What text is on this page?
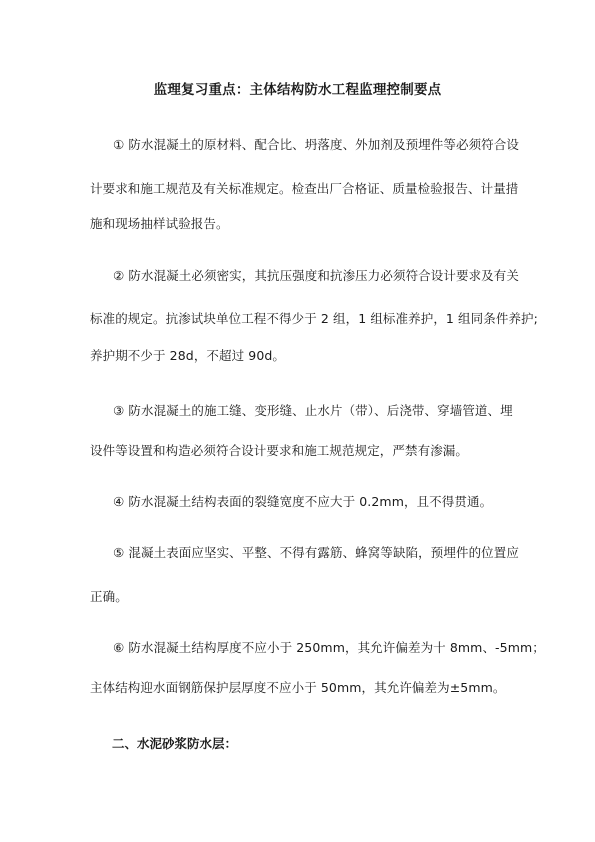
监理复习重点：主体结构防水工程监理控制要点
① 防水混凝土的原材料、配合比、坍落度、外加剂及预埋件等必须符合设
计要求和施工规范及有关标准规定。检查出厂合格证、质量检验报告、计量措
施和现场抽样试验报告。
② 防水混凝土必须密实，其抗压强度和抗渗压力必须符合设计要求及有关
标准的规定。抗渗试块单位工程不得少于 2 组，1 组标准养护，1 组同条件养护;
养护期不少于 28d，不超过 90d。
③ 防水混凝土的施工缝、变形缝、止水片（带）、后浇带、穿墙管道、埋
设件等设置和构造必须符合设计要求和施工规范规定，严禁有渗漏。
④ 防水混凝土结构表面的裂缝宽度不应大于 0.2mm，且不得贯通。
⑤ 混凝土表面应坚实、平整、不得有露筋、蜂窝等缺陷，预埋件的位置应
正确。
⑥ 防水混凝土结构厚度不应小于 250mm，其允许偏差为十 8mm、-5mm；
主体结构迎水面钢筋保护层厚度不应小于 50mm，其允许偏差为±5mm。
二、水泥砂浆防水层：
